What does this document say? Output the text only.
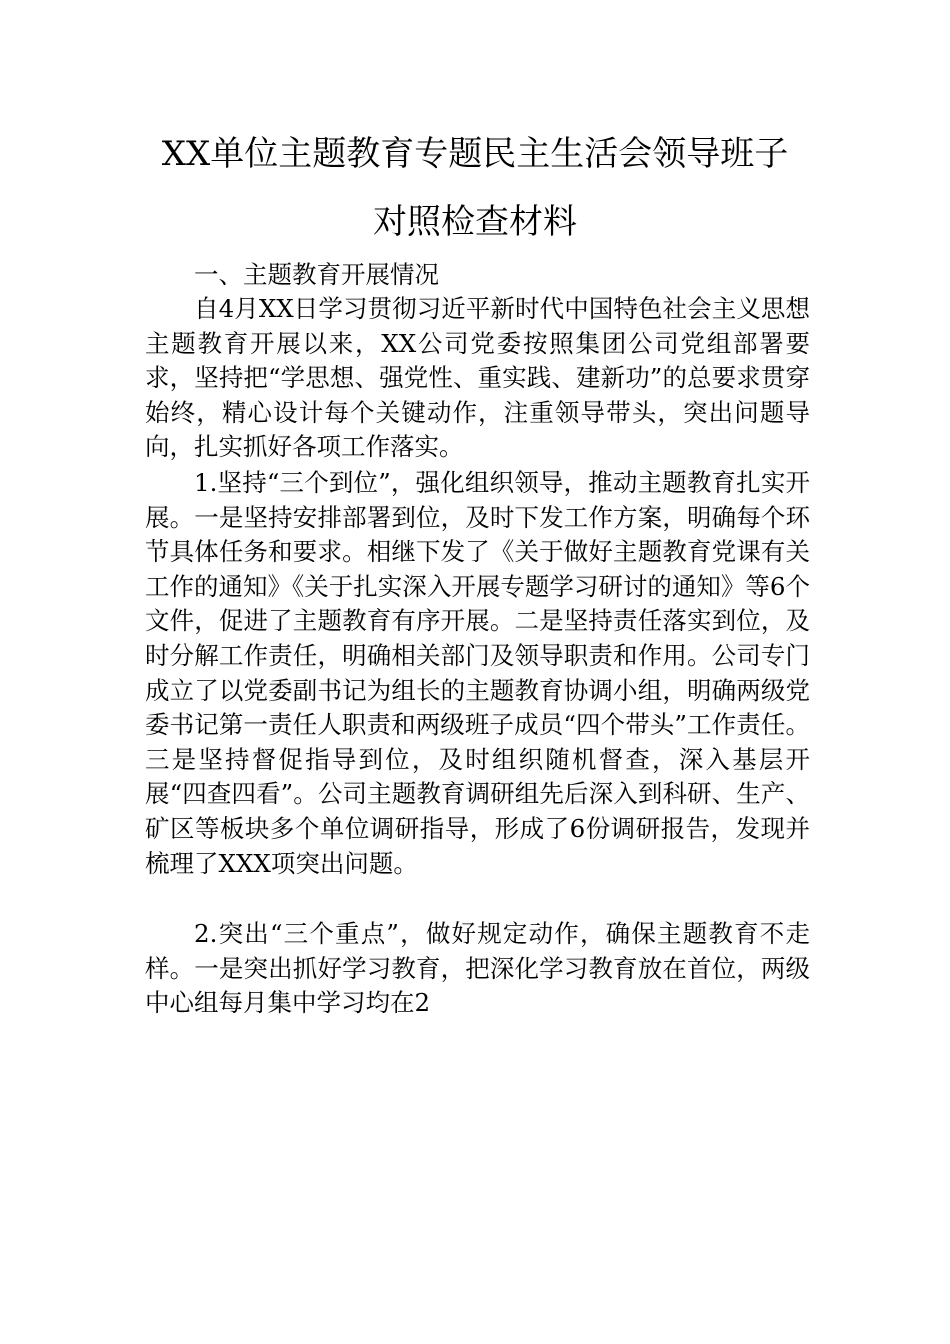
XX单位主题教育专题民主生活会领导班子
对照检查材料

一、主题教育开展情况

自4月XX日学习贯彻习近平新时代中国特色社会主义思想主题教育开展以来，XX公司党委按照集团公司党组部署要求，坚持把“学思想、强党性、重实践、建新功”的总要求贯穿始终，精心设计每个关键动作，注重领导带头，突出问题导向，扎实抓好各项工作落实。

1.坚持“三个到位”，强化组织领导，推动主题教育扎实开展。一是坚持安排部署到位，及时下发工作方案，明确每个环节具体任务和要求。相继下发了《关于做好主题教育党课有关工作的通知》《关于扎实深入开展专题学习研讨的通知》等6个文件，促进了主题教育有序开展。二是坚持责任落实到位，及时分解工作责任，明确相关部门及领导职责和作用。公司专门成立了以党委副书记为组长的主题教育协调小组，明确两级党委书记第一责任人职责和两级班子成员“四个带头”工作责任。三是坚持督促指导到位，及时组织随机督查，深入基层开展“四查四看”。公司主题教育调研组先后深入到科研、生产、矿区等板块多个单位调研指导，形成了6份调研报告，发现并梳理了XXX项突出问题。

2.突出“三个重点”，做好规定动作，确保主题教育不走样。一是突出抓好学习教育，把深化学习教育放在首位，两级中心组每月集中学习均在2
